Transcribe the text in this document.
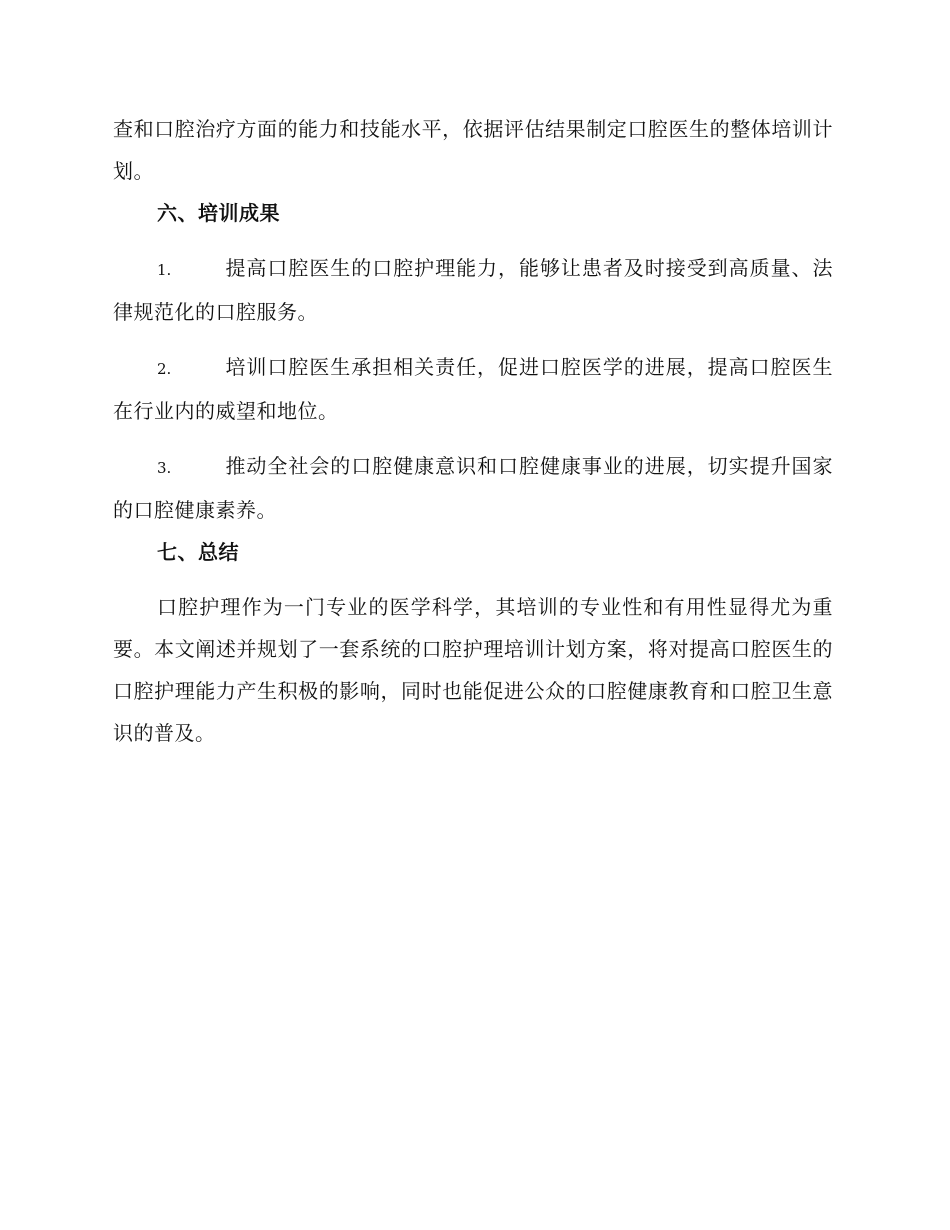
查和口腔治疗方面的能力和技能水平，依据评估结果制定口腔医生的整体培训计划。

六、培训成果

1.	提高口腔医生的口腔护理能力，能够让患者及时接受到高质量、法律规范化的口腔服务。

2.	培训口腔医生承担相关责任，促进口腔医学的进展，提高口腔医生在行业内的威望和地位。

3.	推动全社会的口腔健康意识和口腔健康事业的进展，切实提升国家的口腔健康素养。

七、总结

口腔护理作为一门专业的医学科学，其培训的专业性和有用性显得尤为重要。本文阐述并规划了一套系统的口腔护理培训计划方案，将对提高口腔医生的口腔护理能力产生积极的影响，同时也能促进公众的口腔健康教育和口腔卫生意识的普及。
